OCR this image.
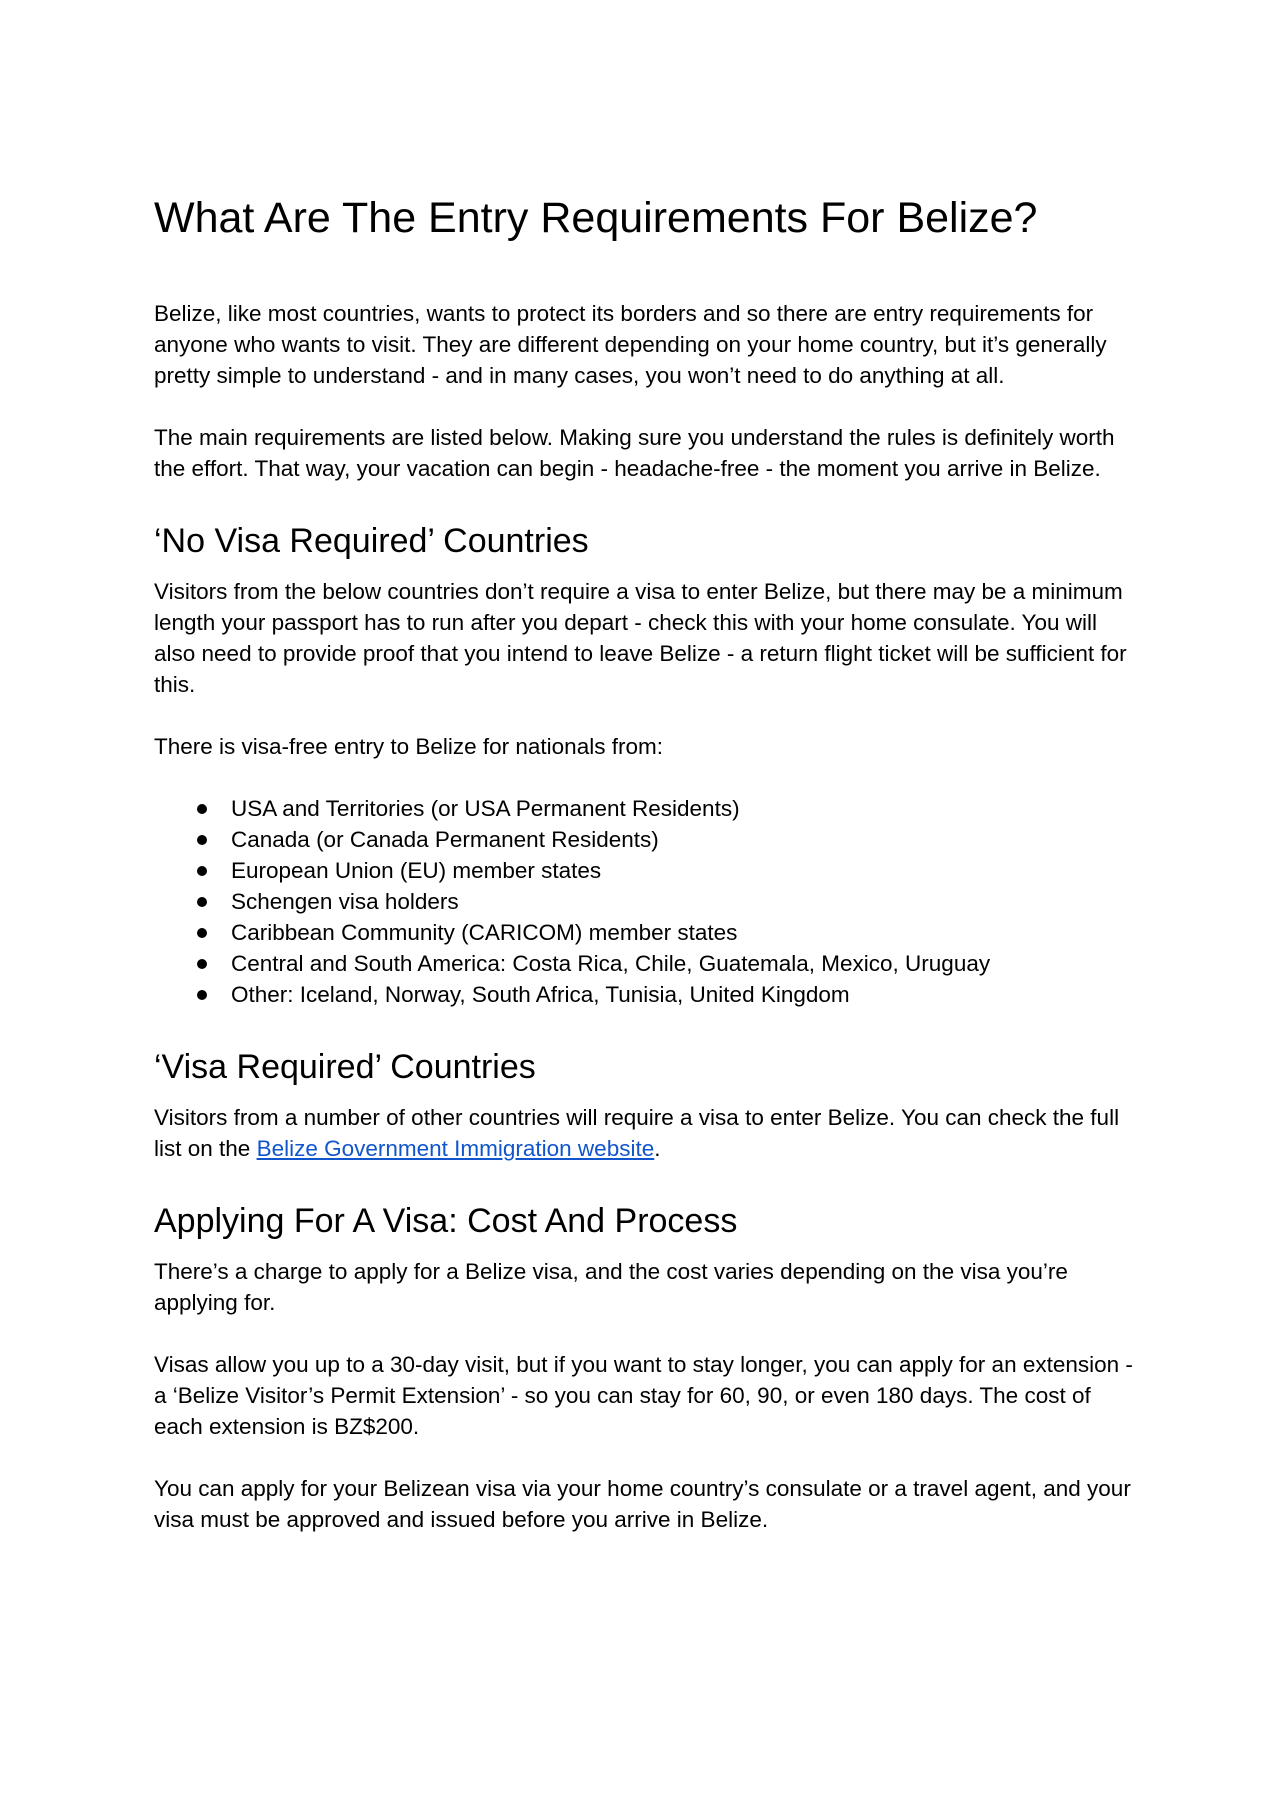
What Are The Entry Requirements For Belize?

Belize, like most countries, wants to protect its borders and so there are entry requirements for anyone who wants to visit. They are different depending on your home country, but it’s generally pretty simple to understand - and in many cases, you won’t need to do anything at all.

The main requirements are listed below. Making sure you understand the rules is definitely worth the effort. That way, your vacation can begin - headache-free - the moment you arrive in Belize.

‘No Visa Required’ Countries

Visitors from the below countries don’t require a visa to enter Belize, but there may be a minimum length your passport has to run after you depart - check this with your home consulate. You will also need to provide proof that you intend to leave Belize - a return flight ticket will be sufficient for this.

There is visa-free entry to Belize for nationals from:

USA and Territories (or USA Permanent Residents)
Canada (or Canada Permanent Residents)
European Union (EU) member states
Schengen visa holders
Caribbean Community (CARICOM) member states
Central and South America: Costa Rica, Chile, Guatemala, Mexico, Uruguay
Other: Iceland, Norway, South Africa, Tunisia, United Kingdom
‘Visa Required’ Countries

Visitors from a number of other countries will require a visa to enter Belize. You can check the full list on the Belize Government Immigration website.

Applying For A Visa: Cost And Process

There’s a charge to apply for a Belize visa, and the cost varies depending on the visa you’re applying for.

Visas allow you up to a 30-day visit, but if you want to stay longer, you can apply for an extension - a ‘Belize Visitor’s Permit Extension’ - so you can stay for 60, 90, or even 180 days. The cost of each extension is BZ$200.

You can apply for your Belizean visa via your home country’s consulate or a travel agent, and your visa must be approved and issued before you arrive in Belize.
